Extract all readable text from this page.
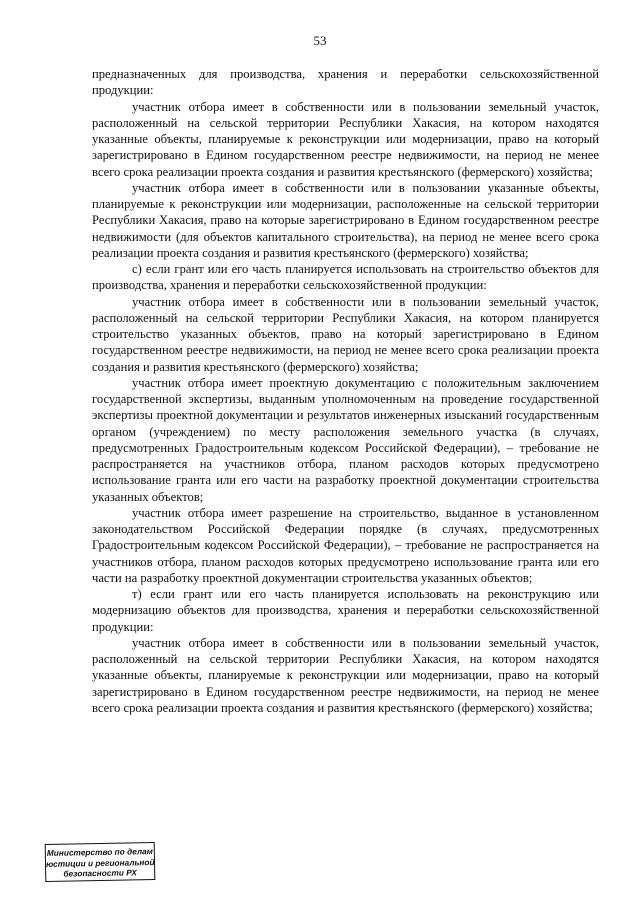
53

предназначенных для производства, хранения и переработки сельскохозяйственной продукции:

участник отбора имеет в собственности или в пользовании земельный участок, расположенный на сельской территории Республики Хакасия, на котором находятся указанные объекты, планируемые к реконструкции или модернизации, право на который зарегистрировано в Едином государственном реестре недвижимости, на период не менее всего срока реализации проекта создания и развития крестьянского (фермерского) хозяйства;

участник отбора имеет в собственности или в пользовании указанные объекты, планируемые к реконструкции или модернизации, расположенные на сельской территории Республики Хакасия, право на которые зарегистрировано в Едином государственном реестре недвижимости (для объектов капитального строительства), на период не менее всего срока реализации проекта создания и развития крестьянского (фермерского) хозяйства;

с) если грант или его часть планируется использовать на строительство объектов для производства, хранения и переработки сельскохозяйственной продукции:

участник отбора имеет в собственности или в пользовании земельный участок, расположенный на сельской территории Республики Хакасия, на котором планируется строительство указанных объектов, право на который зарегистрировано в Едином государственном реестре недвижимости, на период не менее всего срока реализации проекта создания и развития крестьянского (фермерского) хозяйства;

участник отбора имеет проектную документацию с положительным заключением государственной экспертизы, выданным уполномоченным на проведение государственной экспертизы проектной документации и результатов инженерных изысканий государственным органом (учреждением) по месту расположения земельного участка (в случаях, предусмотренных Градостроительным кодексом Российской Федерации), – требование не распространяется на участников отбора, планом расходов которых предусмотрено использование гранта или его части на разработку проектной документации строительства указанных объектов;

участник отбора имеет разрешение на строительство, выданное в установленном законодательством Российской Федерации порядке (в случаях, предусмотренных Градостроительным кодексом Российской Федерации), – требование не распространяется на участников отбора, планом расходов которых предусмотрено использование гранта или его части на разработку проектной документации строительства указанных объектов;

т) если грант или его часть планируется использовать на реконструкцию или модернизацию объектов для производства, хранения и переработки сельскохозяйственной продукции:

участник отбора имеет в собственности или в пользовании земельный участок, расположенный на сельской территории Республики Хакасия, на котором находятся указанные объекты, планируемые к реконструкции или модернизации, право на который зарегистрировано в Едином государственном реестре недвижимости, на период не менее всего срока реализации проекта создания и развития крестьянского (фермерского) хозяйства;

Министерство по делам
юстиции и региональной
безопасности РХ
